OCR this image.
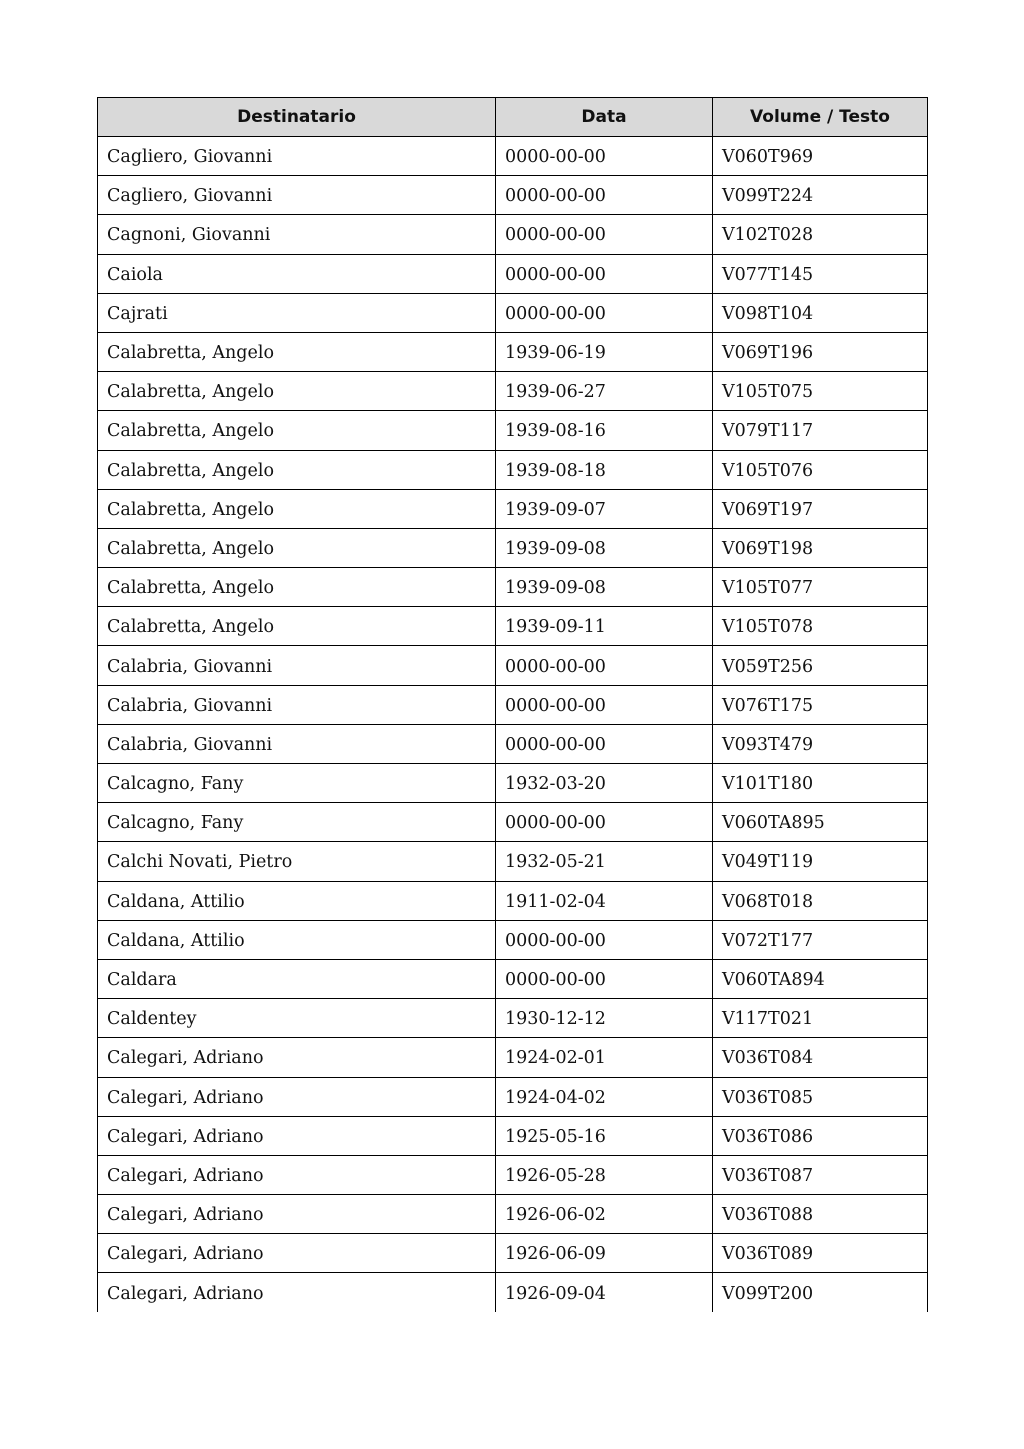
Destinatario	Data	Volume / Testo
Cagliero, Giovanni	0000-00-00	V060T969
Cagliero, Giovanni	0000-00-00	V099T224
Cagnoni, Giovanni	0000-00-00	V102T028
Caiola	0000-00-00	V077T145
Cajrati	0000-00-00	V098T104
Calabretta, Angelo	1939-06-19	V069T196
Calabretta, Angelo	1939-06-27	V105T075
Calabretta, Angelo	1939-08-16	V079T117
Calabretta, Angelo	1939-08-18	V105T076
Calabretta, Angelo	1939-09-07	V069T197
Calabretta, Angelo	1939-09-08	V069T198
Calabretta, Angelo	1939-09-08	V105T077
Calabretta, Angelo	1939-09-11	V105T078
Calabria, Giovanni	0000-00-00	V059T256
Calabria, Giovanni	0000-00-00	V076T175
Calabria, Giovanni	0000-00-00	V093T479
Calcagno, Fany	1932-03-20	V101T180
Calcagno, Fany	0000-00-00	V060TA895
Calchi Novati, Pietro	1932-05-21	V049T119
Caldana, Attilio	1911-02-04	V068T018
Caldana, Attilio	0000-00-00	V072T177
Caldara	0000-00-00	V060TA894
Caldentey	1930-12-12	V117T021
Calegari, Adriano	1924-02-01	V036T084
Calegari, Adriano	1924-04-02	V036T085
Calegari, Adriano	1925-05-16	V036T086
Calegari, Adriano	1926-05-28	V036T087
Calegari, Adriano	1926-06-02	V036T088
Calegari, Adriano	1926-06-09	V036T089
Calegari, Adriano	1926-09-04	V099T200
